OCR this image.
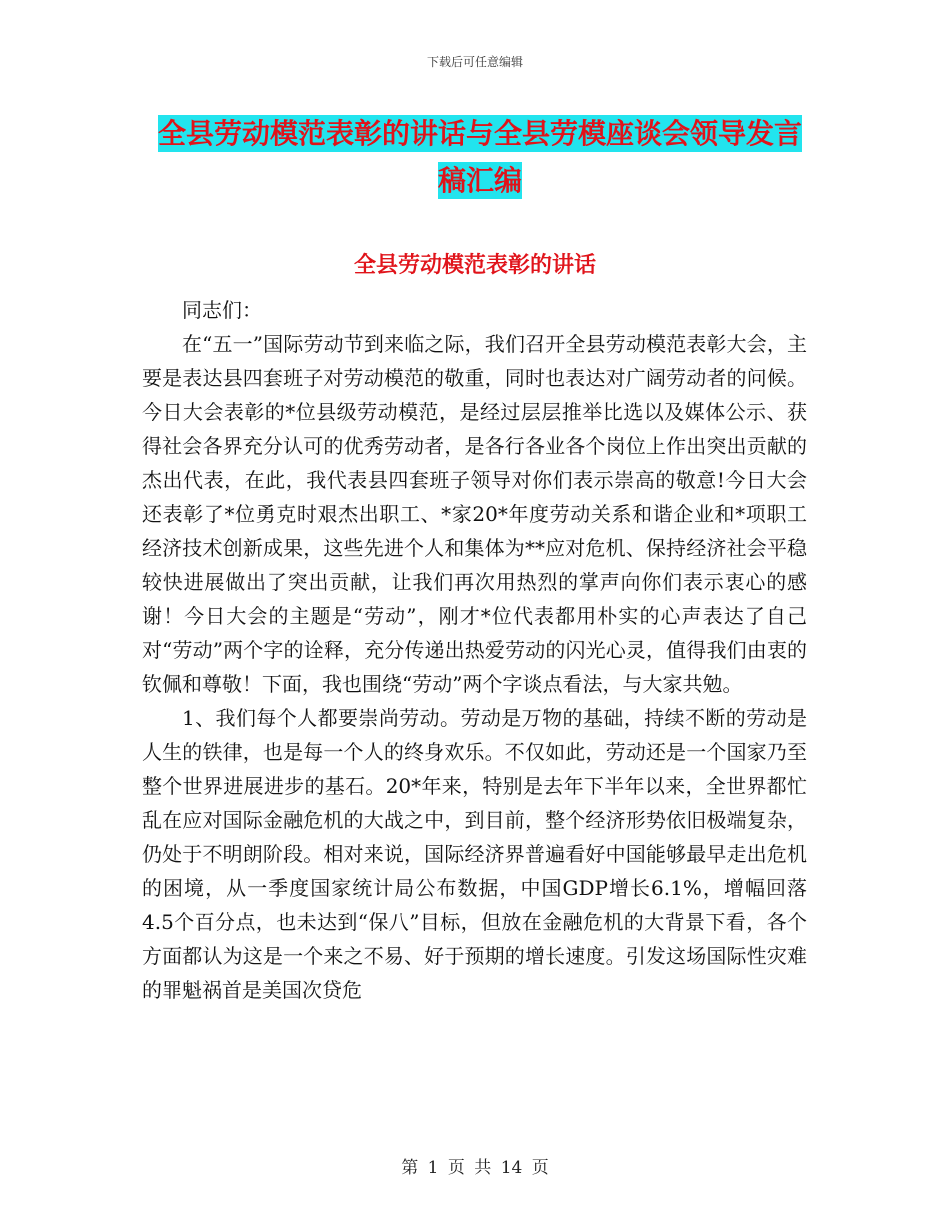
下载后可任意编辑
全县劳动模范表彰的讲话与全县劳模座谈会领导发言稿汇编
全县劳动模范表彰的讲话

同志们：

在“五一”国际劳动节到来临之际，我们召开全县劳动模范表彰大会，主要是表达县四套班子对劳动模范的敬重，同时也表达对广阔劳动者的问候。今日大会表彰的*位县级劳动模范，是经过层层推举比选以及媒体公示、获得社会各界充分认可的优秀劳动者，是各行各业各个岗位上作出突出贡献的杰出代表，在此，我代表县四套班子领导对你们表示崇高的敬意!今日大会还表彰了*位勇克时艰杰出职工、*家20*年度劳动关系和谐企业和*项职工经济技术创新成果，这些先进个人和集体为**应对危机、保持经济社会平稳较快进展做出了突出贡献，让我们再次用热烈的掌声向你们表示衷心的感谢！今日大会的主题是“劳动”，刚才*位代表都用朴实的心声表达了自己对“劳动”两个字的诠释，充分传递出热爱劳动的闪光心灵，值得我们由衷的钦佩和尊敬！下面，我也围绕“劳动”两个字谈点看法，与大家共勉。

1、我们每个人都要崇尚劳动。劳动是万物的基础，持续不断的劳动是人生的铁律，也是每一个人的终身欢乐。不仅如此，劳动还是一个国家乃至整个世界进展进步的基石。20*年来，特别是去年下半年以来，全世界都忙乱在应对国际金融危机的大战之中，到目前，整个经济形势依旧极端复杂，仍处于不明朗阶段。相对来说，国际经济界普遍看好中国能够最早走出危机的困境，从一季度国家统计局公布数据，中国GDP增长6.1%，增幅回落4.5个百分点，也未达到“保八”目标，但放在金融危机的大背景下看，各个方面都认为这是一个来之不易、好于预期的增长速度。引发这场国际性灾难的罪魁祸首是美国次贷危

第 1 页 共 14 页
